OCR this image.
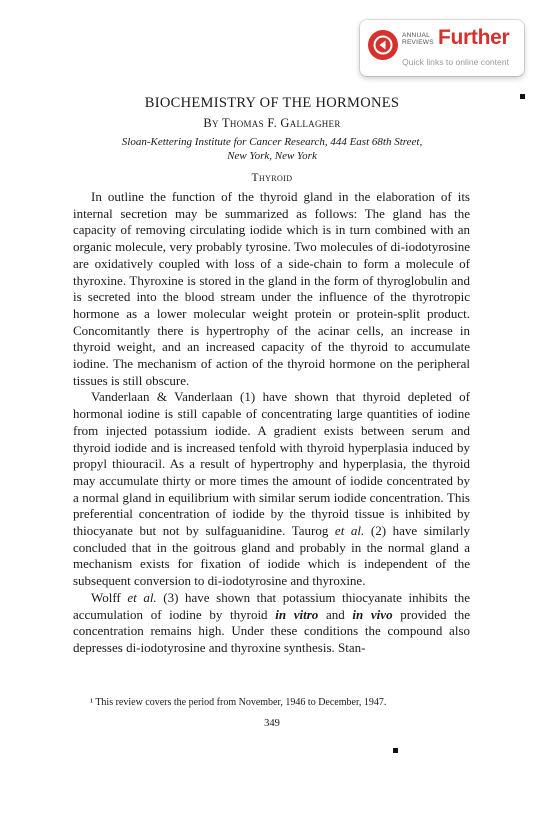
ANNUAL REVIEWS Further
Quick links to online content
BIOCHEMISTRY OF THE HORMONES
By Thomas F. Gallagher
Sloan-Kettering Institute for Cancer Research, 444 East 68th Street,
New York, New York
Thyroid

In outline the function of the thyroid gland in the elaboration of its internal secretion may be summarized as follows: The gland has the capacity of removing circulating iodide which is in turn combined with an organic molecule, very probably tyrosine. Two molecules of di-iodotyrosine are oxidatively coupled with loss of a side-chain to form a molecule of thyroxine. Thyroxine is stored in the gland in the form of thyroglobulin and is secreted into the blood stream under the influence of the thyrotropic hormone as a lower molecular weight protein or protein-split product. Concomitantly there is hypertrophy of the acinar cells, an increase in thyroid weight, and an increased capacity of the thyroid to accumulate iodine. The mechanism of action of the thyroid hormone on the peripheral tissues is still obscure.

Vanderlaan & Vanderlaan (1) have shown that thyroid depleted of hormonal iodine is still capable of concentrating large quantities of iodine from injected potassium iodide. A gradient exists between serum and thyroid iodide and is increased tenfold with thyroid hyperplasia induced by propyl thiouracil. As a result of hypertrophy and hyperplasia, the thyroid may accumulate thirty or more times the amount of iodide concentrated by a normal gland in equilibrium with similar serum iodide concentration. This preferential concentration of iodide by the thyroid tissue is inhibited by thiocyanate but not by sulfaguanidine. Taurog et al. (2) have similarly concluded that in the goitrous gland and probably in the normal gland a mechanism exists for fixation of iodide which is independent of the subsequent conversion to di-iodotyrosine and thyroxine.

Wolff et al. (3) have shown that potassium thiocyanate inhibits the accumulation of iodine by thyroid in vitro and in vivo provided the concentration remains high. Under these conditions the compound also depresses di-iodotyrosine and thyroxine synthesis. Stan-

¹ This review covers the period from November, 1946 to December, 1947.
349
